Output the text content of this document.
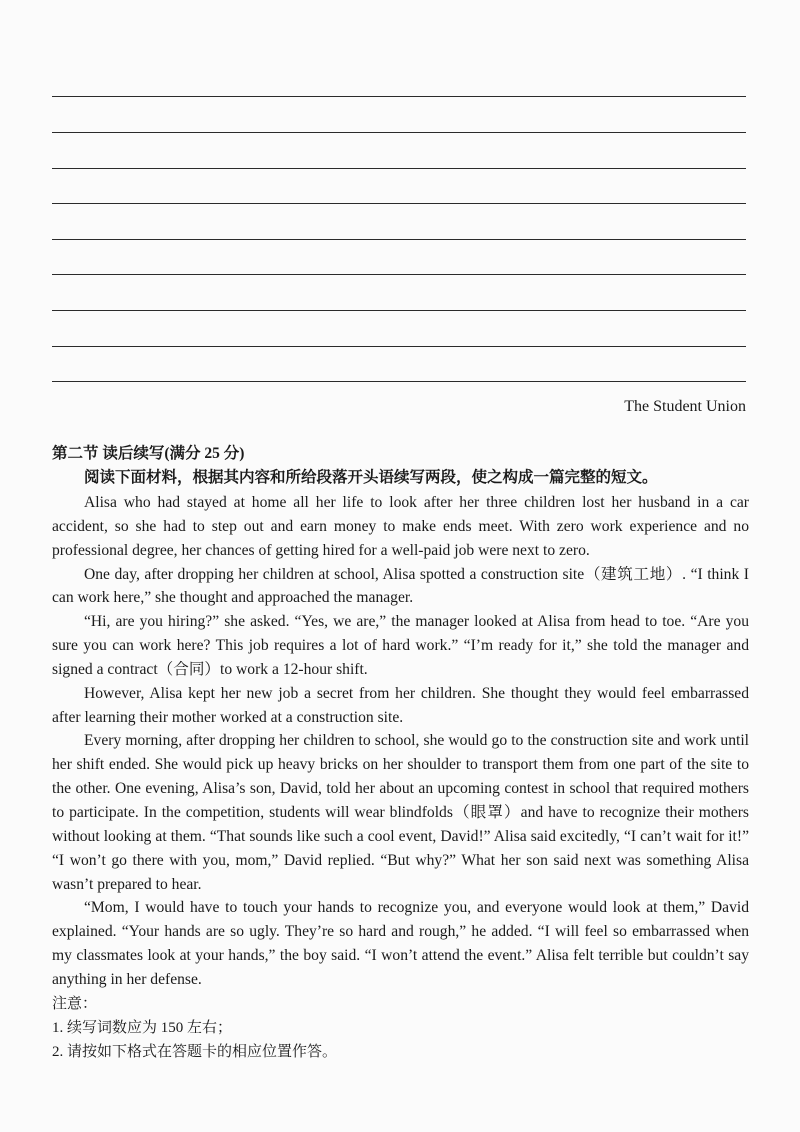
The Student Union
第二节 读后续写(满分 25 分)
阅读下面材料，根据其内容和所给段落开头语续写两段，使之构成一篇完整的短文。

Alisa who had stayed at home all her life to look after her three children lost her husband in a car accident, so she had to step out and earn money to make ends meet. With zero work experience and no professional degree, her chances of getting hired for a well-paid job were next to zero.

One day, after dropping her children at school, Alisa spotted a construction site（建筑工地）. “I think I can work here,” she thought and approached the manager.

“Hi, are you hiring?” she asked. “Yes, we are,” the manager looked at Alisa from head to toe. “Are you sure you can work here? This job requires a lot of hard work.” “I’m ready for it,” she told the manager and signed a contract（合同）to work a 12-hour shift.

However, Alisa kept her new job a secret from her children. She thought they would feel embarrassed after learning their mother worked at a construction site.

Every morning, after dropping her children to school, she would go to the construction site and work until her shift ended. She would pick up heavy bricks on her shoulder to transport them from one part of the site to the other. One evening, Alisa’s son, David, told her about an upcoming contest in school that required mothers to participate. In the competition, students will wear blindfolds（眼罩）and have to recognize their mothers without looking at them. “That sounds like such a cool event, David!” Alisa said excitedly, “I can’t wait for it!” “I won’t go there with you, mom,” David replied. “But why?” What her son said next was something Alisa wasn’t prepared to hear.

“Mom, I would have to touch your hands to recognize you, and everyone would look at them,” David explained. “Your hands are so ugly. They’re so hard and rough,” he added. “I will feel so embarrassed when my classmates look at your hands,” the boy said. “I won’t attend the event.” Alisa felt terrible but couldn’t say anything in her defense.

注意：
1. 续写词数应为 150 左右；
2. 请按如下格式在答题卡的相应位置作答。
